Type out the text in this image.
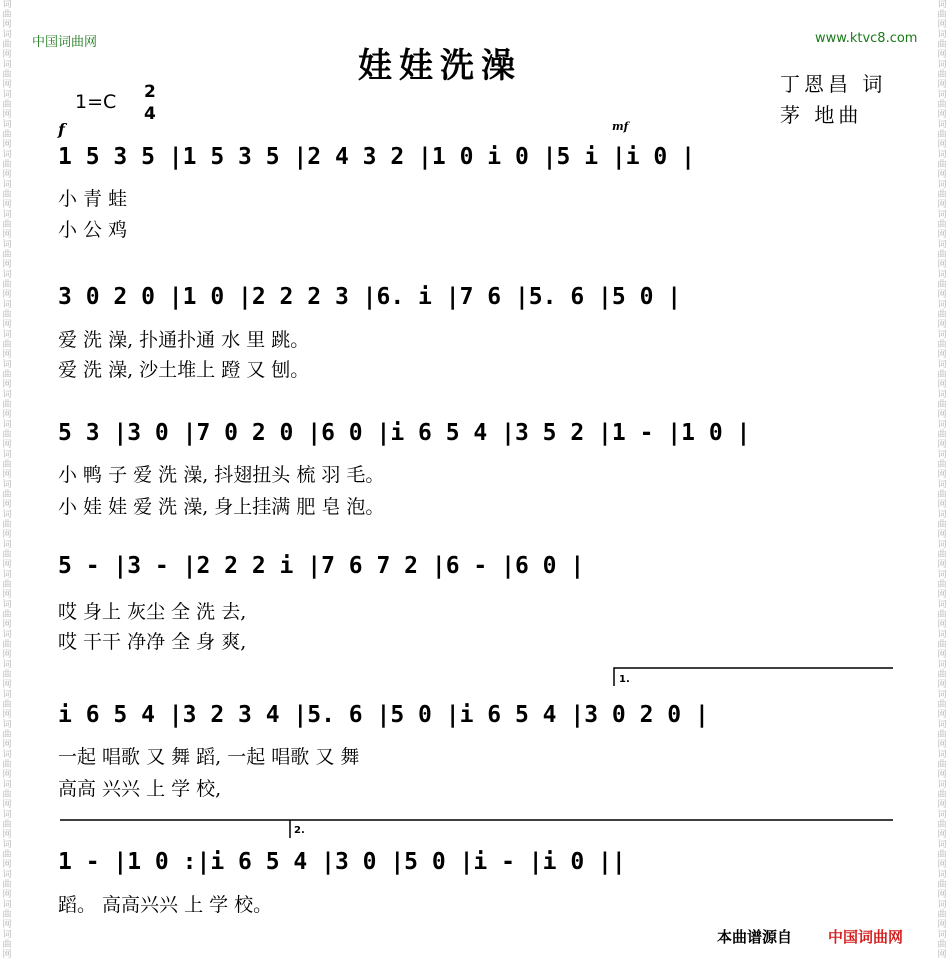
词
曲
网
词
曲
网
词
曲
网
词
曲
网
词
曲
网
词
曲
网
词
曲
网
词
曲
网
词
曲
网
词
曲
网
词
曲
网
词
曲
网
词
曲
网
词
曲
网
词
曲
网
词
曲
网
词
曲
网
词
曲
网
词
曲
网
词
曲
网
词
曲
网
词
曲
网
词
曲
网
词
曲
网
词
曲
网
词
曲
网
词
曲
网
词
曲
网
词
曲
网
词
曲
网
词
曲
网
词
曲
网
词
曲
网
词
曲
网
词
曲
网
词
曲
网
词
曲
网
词
曲
网
词
曲
网
词
曲
网
词
曲
网
词
曲
网
词
曲
网
词
曲
网
词
曲
网
词
曲
网
词
曲
网
词
曲
网
词
曲
网
词
曲
网
词
曲
网
词
曲
网
词
曲
网
词
曲
网
词
曲
网
词
曲
网
词
曲
网
词
曲
网
词
曲
网
词
曲
网
词
曲
网
词
曲
网
词
曲
网
词
曲
网
中国词曲网	www.ktvc8.com
娃娃洗澡	丁恩昌 词
茅 地曲
1=C 2
4
f	mf
1 5 3 5 |1 5 3 5 |2 4 3 2 |1 0 i 0 |5 i |i 0 |
小 青 蛙
小 公 鸡
3 0 2 0 |1 0 |2 2 2 3 |6. i |7 6 |5. 6 |5 0 |
爱 洗 澡, 扑通扑通 水 里 跳。
爱 洗 澡, 沙土堆上 蹬 又 刨。
5 3 |3 0 |7 0 2 0 |6 0 |i 6 5 4 |3 5 2 |1 - |1 0 |
小 鸭 子 爱 洗 澡, 抖翅扭头 梳 羽 毛。
小 娃 娃 爱 洗 澡, 身上挂满 肥 皂 泡。
5 - |3 - |2 2 2 i |7 6 7 2 |6 - |6 0 |
哎 身上 灰尘 全 洗 去,
哎 干干 净净 全 身 爽,
i 6 5 4 |3 2 3 4 |5. 6 |5 0 |i 6 5 4 |3 0 2 0 |
一起 唱歌 又 舞 蹈, 一起 唱歌 又 舞
高高 兴兴 上 学 校,
1 - |1 0 :|i 6 5 4 |3 0 |5 0 |i - |i 0 ||
蹈。 高高兴兴 上 学 校。
1.
2.
本曲谱源自 中国词曲网
